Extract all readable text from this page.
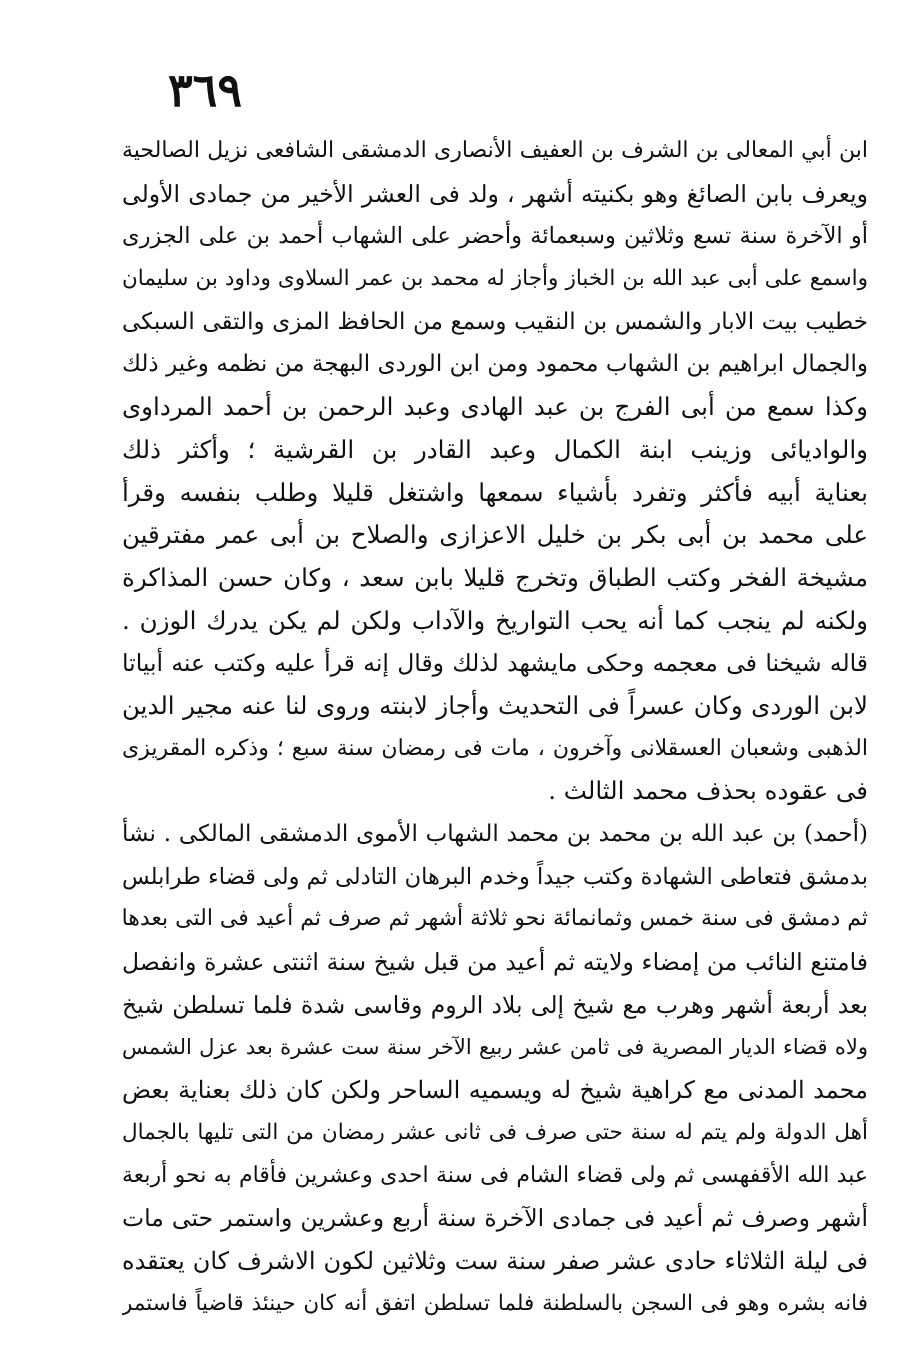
٣٦٩
ابن أبي المعالى بن الشرف بن العفيف الأنصارى الدمشقى الشافعى نزيل الصالحية
ويعرف بابن الصائغ وهو بكنيته أشهر ، ولد فى العشر الأخير من جمادى الأولى
أو الآخرة سنة تسع وثلاثين وسبعمائة وأحضر على الشهاب أحمد بن على الجزرى
واسمع على أبى عبد الله بن الخباز وأجاز له محمد بن عمر السلاوى وداود بن سليمان
خطيب بيت الابار والشمس بن النقيب وسمع من الحافظ المزى والتقى السبكى
والجمال ابراهيم بن الشهاب محمود ومن ابن الوردى البهجة من نظمه وغير ذلك
وكذا سمع من أبى الفرج بن عبد الهادى وعبد الرحمن بن أحمد المرداوى
والواديائى وزينب ابنة الكمال وعبد القادر بن القرشية ؛ وأكثر ذلك
بعناية أبيه فأكثر وتفرد بأشياء سمعها واشتغل قليلا وطلب بنفسه وقرأ
على محمد بن أبى بكر بن خليل الاعزازى والصلاح بن أبى عمر مفترقين
مشيخة الفخر وكتب الطباق وتخرج قليلا بابن سعد ، وكان حسن المذاكرة
ولكنه لم ينجب كما أنه يحب التواريخ والآداب ولكن لم يكن يدرك الوزن .
قاله شيخنا فى معجمه وحكى مايشهد لذلك وقال إنه قرأ عليه وكتب عنه أبياتا
لابن الوردى وكان عسراً فى التحديث وأجاز لابنته وروى لنا عنه مجير الدين
الذهبى وشعبان العسقلانى وآخرون ، مات فى رمضان سنة سبع ؛ وذكره المقريزى
فى عقوده بحذف محمد الثالث .
(أحمد) بن عبد الله بن محمد بن محمد الشهاب الأموى الدمشقى المالكى . نشأ
بدمشق فتعاطى الشهادة وكتب جيداً وخدم البرهان التادلى ثم ولى قضاء طرابلس
ثم دمشق فى سنة خمس وثمانمائة نحو ثلاثة أشهر ثم صرف ثم أعيد فى التى بعدها
فامتنع النائب من إمضاء ولايته ثم أعيد من قبل شيخ سنة اثنتى عشرة وانفصل
بعد أربعة أشهر وهرب مع شيخ إلى بلاد الروم وقاسى شدة فلما تسلطن شيخ
ولاه قضاء الديار المصرية فى ثامن عشر ربيع الآخر سنة ست عشرة بعد عزل الشمس
محمد المدنى مع كراهية شيخ له ويسميه الساحر ولكن كان ذلك بعناية بعض
أهل الدولة ولم يتم له سنة حتى صرف فى ثانى عشر رمضان من التى تليها بالجمال
عبد الله الأقفهسى ثم ولى قضاء الشام فى سنة احدى وعشرين فأقام به نحو أربعة
أشهر وصرف ثم أعيد فى جمادى الآخرة سنة أربع وعشرين واستمر حتى مات
فى ليلة الثلاثاء حادى عشر صفر سنة ست وثلاثين لكون الاشرف كان يعتقده
فانه بشره وهو فى السجن بالسلطنة فلما تسلطن اتفق أنه كان حينئذ قاضياً فاستمر
